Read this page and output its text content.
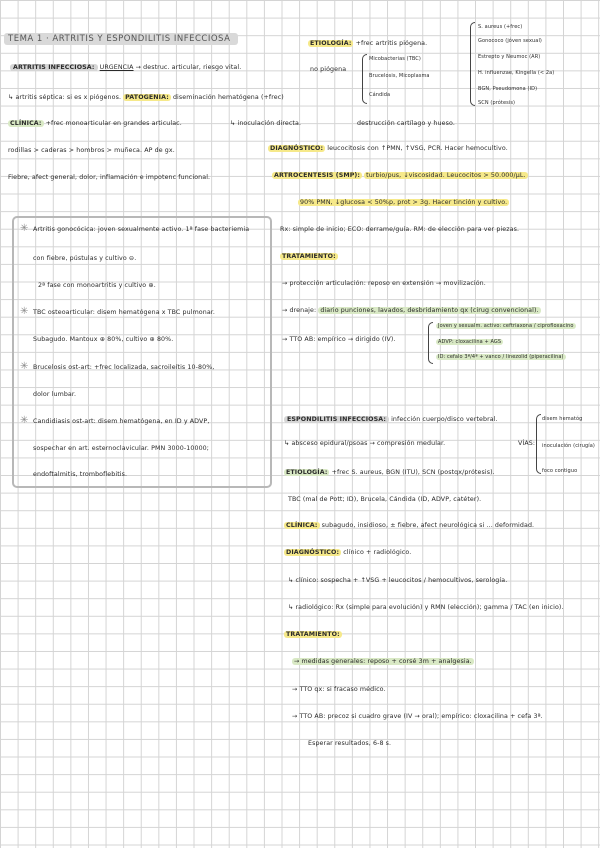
TEMA 1 · ARTRITIS Y ESPONDILITIS INFECCIOSA
ARTRITIS INFECCIOSA: URGENCIA → destruc. articular, riesgo vital.
↳ artritis séptica: si es x piógenos. PATOGENIA: diseminación hematógena (+frec)
↳ inoculación directa.	destrucción cartílago y hueso.
CLÍNICA: +frec monoarticular en grandes articulac.
rodillas > caderas > hombros > muñeca. AP de gx.
Fiebre, afect general, dolor, inflamación e impotenc funcional.
✳ Artritis gonocócica: joven sexualmente activo. 1ª fase bacteriemia
con fiebre, pústulas y cultivo ⊖.
2ª fase con monoartritis y cultivo ⊕.
✳ TBC osteoarticular: disem hematógena x TBC pulmonar.
Subagudo. Mantoux ⊕ 80%, cultivo ⊕ 80%.
✳ Brucelosis ost-art: +frec localizada, sacroileítis 10-80%,
dolor lumbar.
✳ Candidiasis ost-art: disem hematógena, en ID y ADVP,
sospechar en art. esternoclavicular. PMN 3000-10000;
endoftalmitis, tromboflebitis.
ETIOLOGÍA: +frec artritis piógena.
S. aureus (+frec)
Gonococo (jóven sexual)
Estrepto y Neumoc (AR)
H. influenzae, Kingella (< 2a)
BGN, Pseudomona (ID)
SCN (prótesis)
no piógena
Micobacterias (TBC)
Brucelosis, Micoplasma
Cándida
DIAGNÓSTICO: leucocitosis con ↑PMN, ↑VSG, PCR. Hacer hemocultivo.
ARTROCENTESIS (SMP): turbio/pus, ↓viscosidad. Leucocitos > 50.000/µL.
90% PMN, ↓glucosa < 50%p, prot > 3g. Hacer tinción y cultivo.
Rx: simple de inicio; ECO: derrame/guía. RM: de elección para ver piezas.
TRATAMIENTO:
→ protección articulación: reposo en extensión → movilización.
→ drenaje: diario punciones, lavados, desbridamiento qx (cirug convencional).
→ TTO AB: empírico → dirigido (IV).
Joven y sexualm. activo: ceftriaxona / ciprofloxacino
ADVP: cloxacilina + AGS
ID: cefalo 3ª/4ª + vanco / linezolid (piperacilina)
ESPONDILITIS INFECCIOSA: infección cuerpo/disco vertebral.
↳ absceso epidural/psoas → compresión medular.	VÍAS:
disem hematóg
inoculación (cirugía)
foco contiguo
ETIOLOGÍA: +frec S. aureus, BGN (ITU), SCN (postqx/prótesis).
TBC (mal de Pott; ID), Brucela, Cándida (ID, ADVP, catéter).
CLÍNICA: subagudo, insidioso, ± fiebre, afect neurológica si ... deformidad.
DIAGNÓSTICO: clínico + radiológico.
↳ clínico: sospecha + ↑VSG + leucocitos / hemocultivos, serología.
↳ radiológico: Rx (simple para evolución) y RMN (elección); gamma / TAC (en inicio).
TRATAMIENTO:
→ medidas generales: reposo + corsé 3m + analgesia.
→ TTO qx: si fracaso médico.
→ TTO AB: precoz si cuadro grave (IV → oral); empírico: cloxacilina + cefa 3ª.
Esperar resultados, 6-8 s.
